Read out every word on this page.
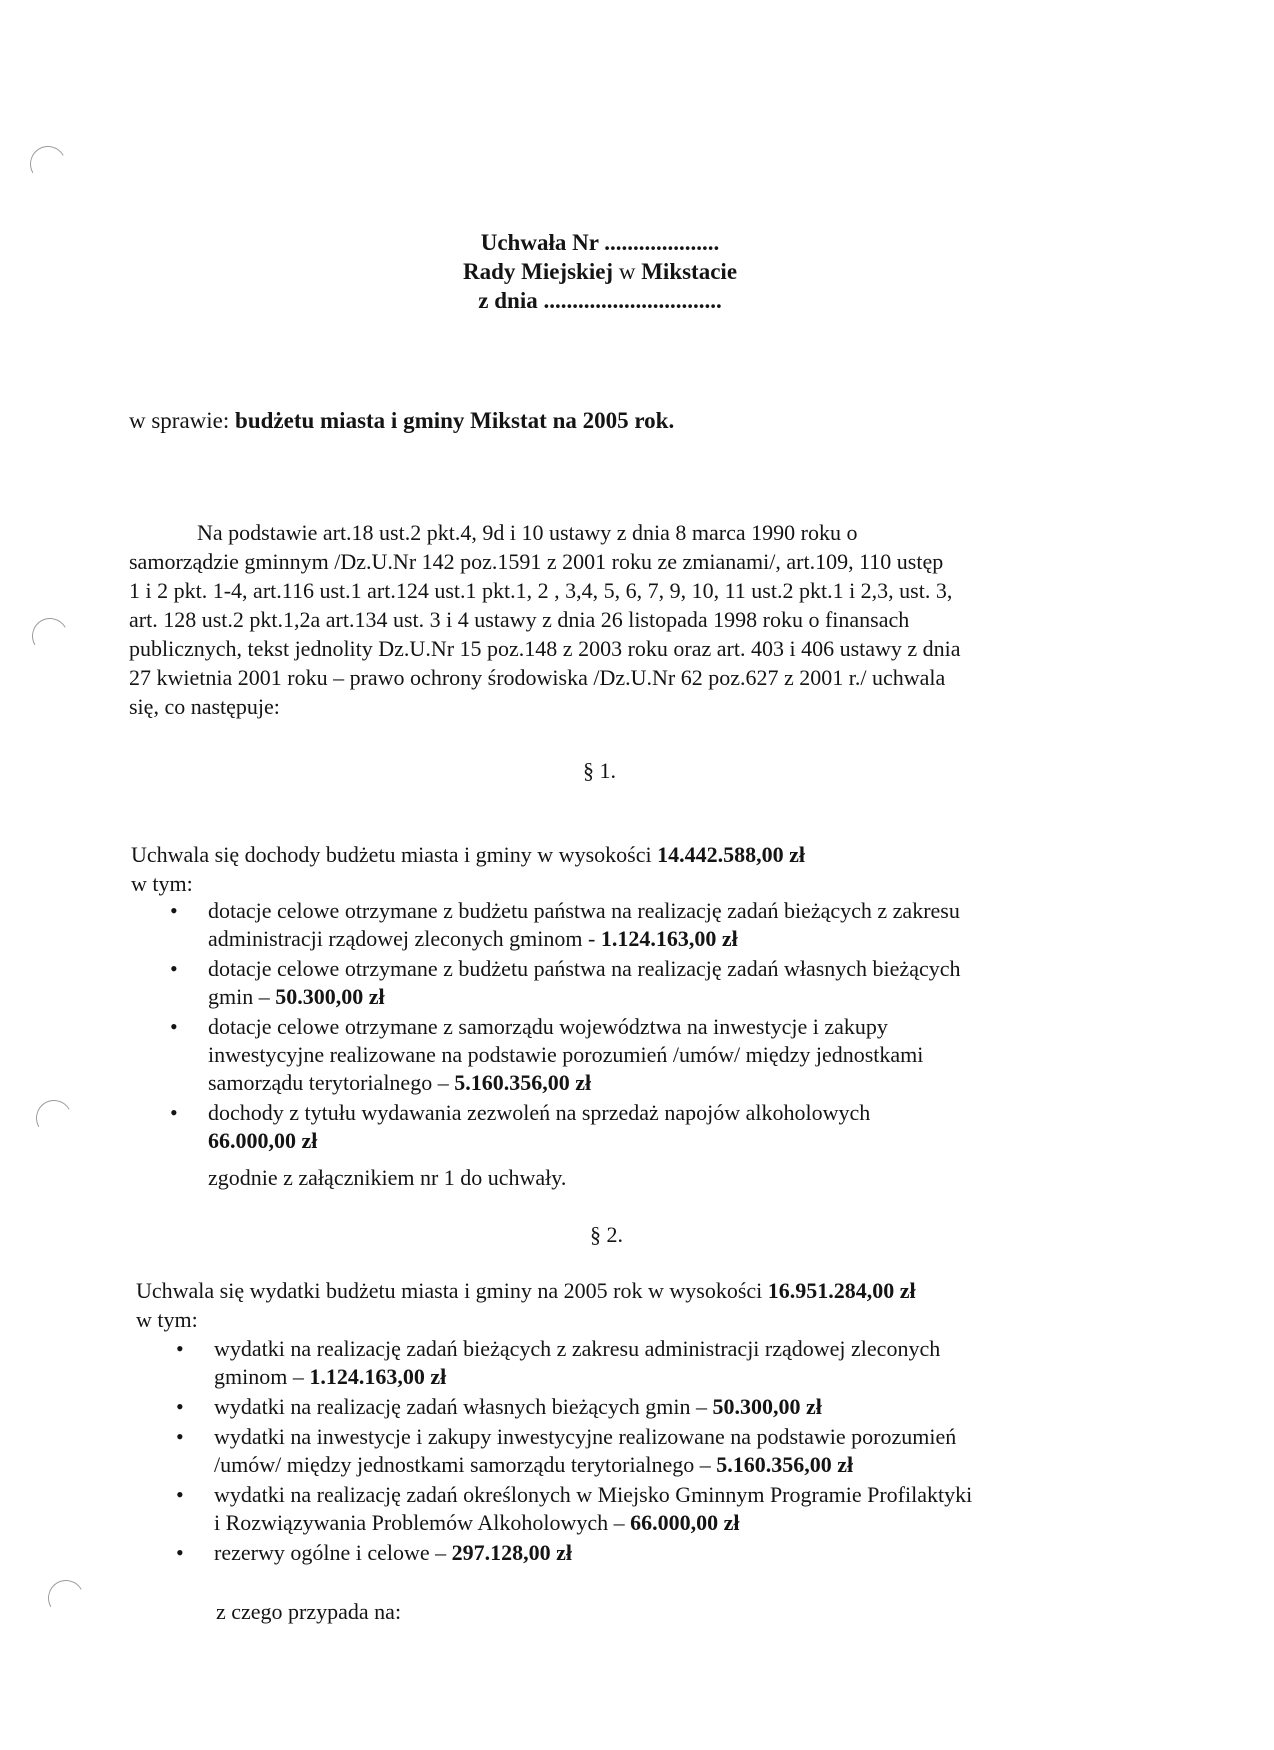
Uchwała Nr ....................
Rady Miejskiej w Mikstacie
z dnia ...............................
w sprawie: budżetu miasta i gminy Mikstat na 2005 rok.

Na podstawie art.18 ust.2 pkt.4, 9d i 10 ustawy z dnia 8 marca 1990 roku o

samorządzie gminnym /Dz.U.Nr 142 poz.1591 z 2001 roku ze zmianami/, art.109, 110 ustęp

1 i 2 pkt. 1-4, art.116 ust.1 art.124 ust.1 pkt.1, 2 , 3,4, 5, 6, 7, 9, 10, 11 ust.2 pkt.1 i 2,3, ust. 3,

art. 128 ust.2 pkt.1,2a art.134 ust. 3 i 4 ustawy z dnia 26 listopada 1998 roku o finansach

publicznych, tekst jednolity Dz.U.Nr 15 poz.148 z 2003 roku oraz art. 403 i 406 ustawy z dnia

27 kwietnia 2001 roku – prawo ochrony środowiska /Dz.U.Nr 62 poz.627 z 2001 r./ uchwala

się, co następuje:

§ 1.
Uchwala się dochody budżetu miasta i gminy w wysokości 14.442.588,00 zł
w tym:
• dotacje celowe otrzymane z budżetu państwa na realizację zadań bieżących z zakresu
administracji rządowej zleconych gminom - 1.124.163,00 zł
• dotacje celowe otrzymane z budżetu państwa na realizację zadań własnych bieżących
gmin – 50.300,00 zł
• dotacje celowe otrzymane z samorządu województwa na inwestycje i zakupy
inwestycyjne realizowane na podstawie porozumień /umów/ między jednostkami
samorządu terytorialnego – 5.160.356,00 zł
• dochody z tytułu wydawania zezwoleń na sprzedaż napojów alkoholowych
66.000,00 zł
zgodnie z załącznikiem nr 1 do uchwały.
§ 2.
Uchwala się wydatki budżetu miasta i gminy na 2005 rok w wysokości 16.951.284,00 zł
w tym:
• wydatki na realizację zadań bieżących z zakresu administracji rządowej zleconych
gminom – 1.124.163,00 zł
• wydatki na realizację zadań własnych bieżących gmin – 50.300,00 zł
• wydatki na inwestycje i zakupy inwestycyjne realizowane na podstawie porozumień
/umów/ między jednostkami samorządu terytorialnego – 5.160.356,00 zł
• wydatki na realizację zadań określonych w Miejsko Gminnym Programie Profilaktyki
i Rozwiązywania Problemów Alkoholowych – 66.000,00 zł
• rezerwy ogólne i celowe – 297.128,00 zł
z czego przypada na:
